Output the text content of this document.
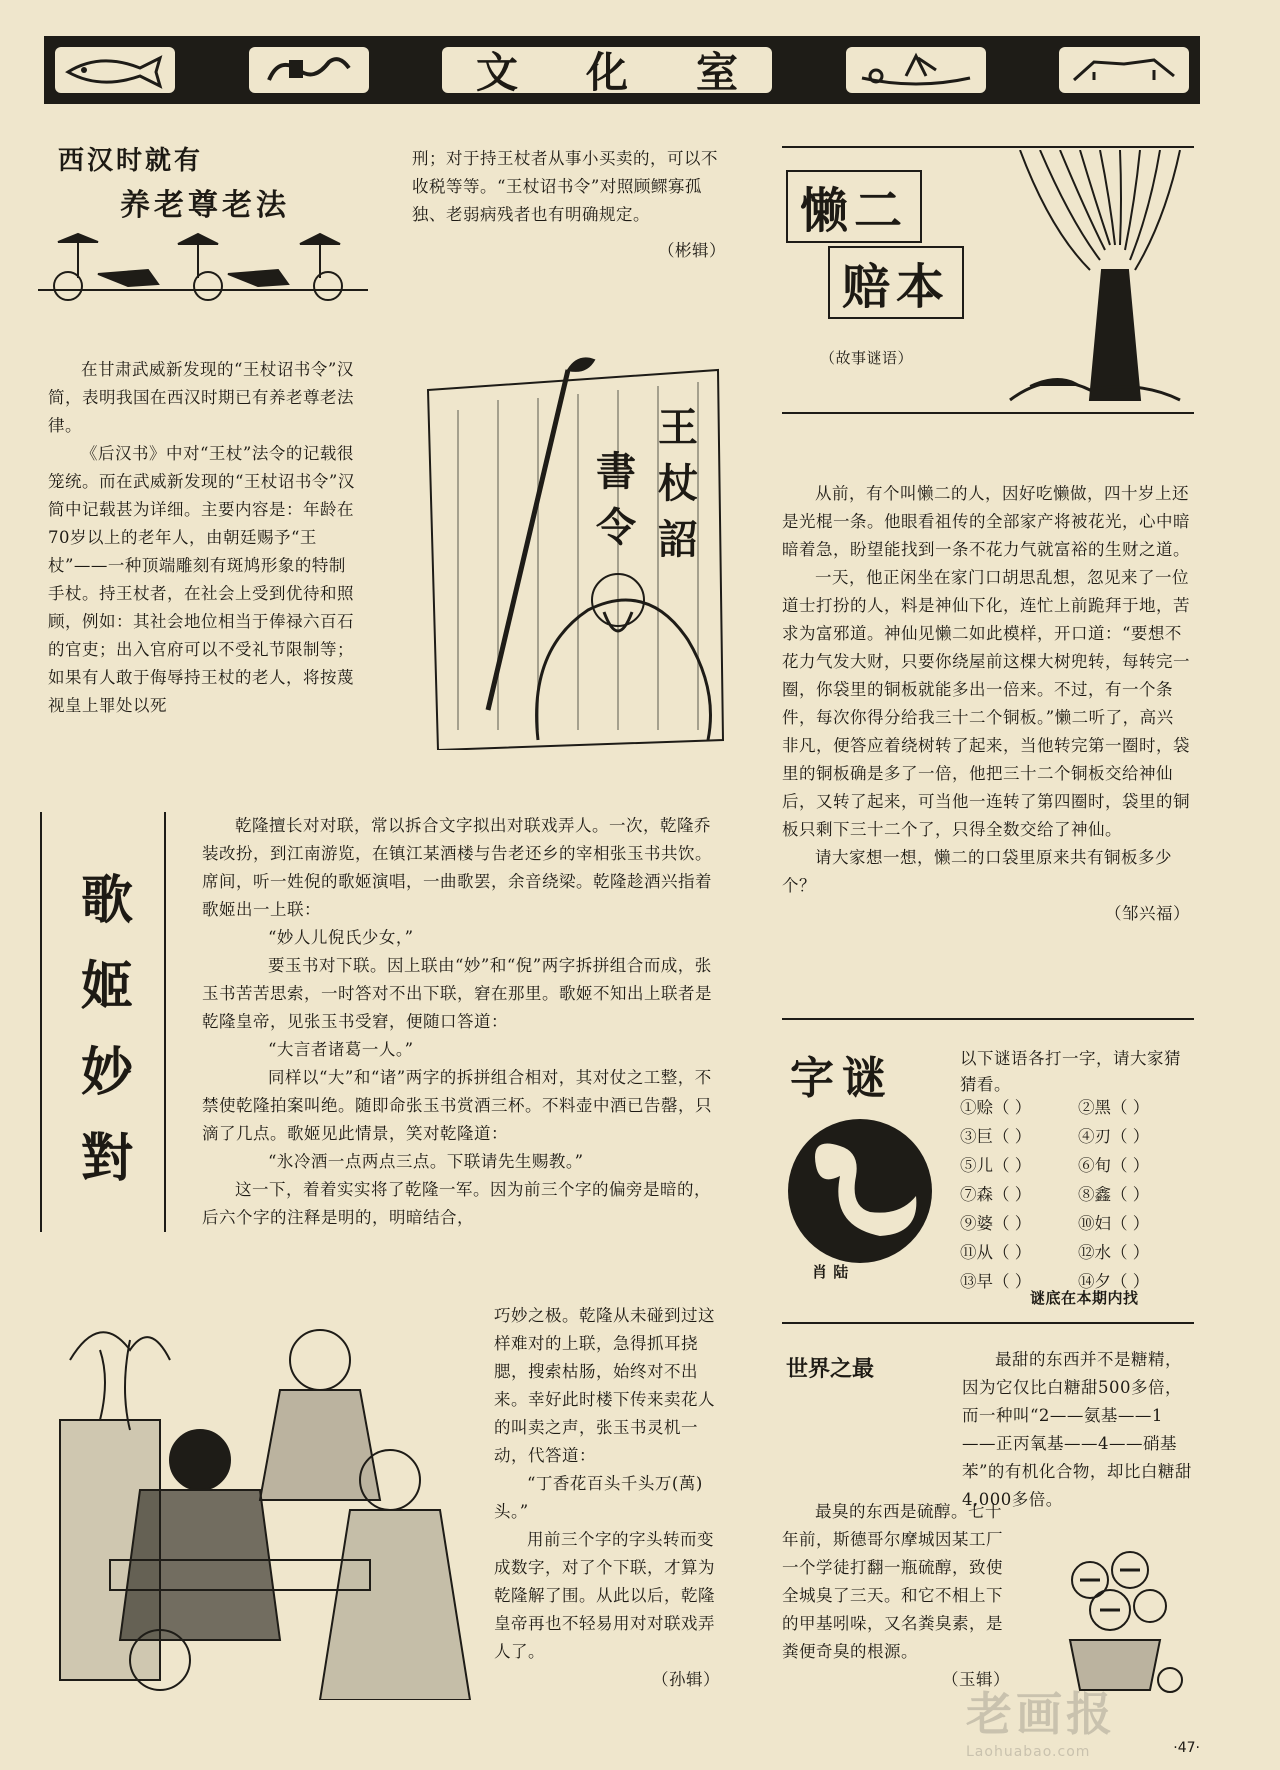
文 化 室
西汉时就有
养老尊老法

在甘肃武威新发现的“王杖诏书令”汉简，表明我国在西汉时期已有养老尊老法律。

《后汉书》中对“王杖”法令的记载很笼统。而在武威新发现的“王杖诏书令”汉简中记载甚为详细。主要内容是：年龄在70岁以上的老年人，由朝廷赐予“王杖”——一种顶端雕刻有斑鸠形象的特制手杖。持王杖者，在社会上受到优待和照顾，例如：其社会地位相当于俸禄六百石的官吏；出入官府可以不受礼节限制等；如果有人敢于侮辱持王杖的老人，将按蔑视皇上罪处以死

刑；对于持王杖者从事小买卖的，可以不收税等等。“王杖诏书令”对照顾鳏寡孤独、老弱病残者也有明确规定。

（彬辑）

王
杖
詔
書
令
歌
姬
妙
對

乾隆擅长对对联，常以拆合文字拟出对联戏弄人。一次，乾隆乔装改扮，到江南游览，在镇江某酒楼与告老还乡的宰相张玉书共饮。席间，听一姓倪的歌姬演唱，一曲歌罢，余音绕梁。乾隆趁酒兴指着歌姬出一上联：

“妙人儿倪氏少女，”

要玉书对下联。因上联由“妙”和“倪”两字拆拼组合而成，张玉书苦苦思索，一时答对不出下联，窘在那里。歌姬不知出上联者是乾隆皇帝，见张玉书受窘，便随口答道：

“大言者诸葛一人。”

同样以“大”和“诸”两字的拆拼组合相对，其对仗之工整，不禁使乾隆拍案叫绝。随即命张玉书赏酒三杯。不料壶中酒已告罄，只滴了几点。歌姬见此情景，笑对乾隆道：

“氷冷酒一点两点三点。下联请先生赐教。”

这一下，着着实实将了乾隆一军。因为前三个字的偏旁是暗的，后六个字的注释是明的，明暗结合，

巧妙之极。乾隆从未碰到过这样难对的上联，急得抓耳挠腮，搜索枯肠，始终对不出来。幸好此时楼下传来卖花人的叫卖之声，张玉书灵机一动，代答道：

“丁香花百头千头万(萬)头。”

用前三个字的字头转而变成数字，对了个下联，才算为乾隆解了围。从此以后，乾隆皇帝再也不轻易用对对联戏弄人了。

（孙辑）

懒二
赔本
（故事谜语）

从前，有个叫懒二的人，因好吃懒做，四十岁上还是光棍一条。他眼看祖传的全部家产将被花光，心中暗暗着急，盼望能找到一条不花力气就富裕的生财之道。

一天，他正闲坐在家门口胡思乱想，忽见来了一位道士打扮的人，料是神仙下化，连忙上前跪拜于地，苦求为富邪道。神仙见懒二如此模样，开口道：“要想不花力气发大财，只要你绕屋前这棵大树兜转，每转完一圈，你袋里的铜板就能多出一倍来。不过，有一个条件，每次你得分给我三十二个铜板。”懒二听了，高兴非凡，便答应着绕树转了起来，当他转完第一圈时，袋里的铜板确是多了一倍，他把三十二个铜板交给神仙后，又转了起来，可当他一连转了第四圈时，袋里的铜板只剩下三十二个了，只得全数交给了神仙。

请大家想一想，懒二的口袋里原来共有铜板多少个？

（邹兴福）

字谜	以下谜语各打一字，请大家猜猜看。
肖 陆
①赊（ ）	②黑（ ）
③巨（ ）	④刃（ ）
⑤儿（ ）	⑥旬（ ）
⑦森（ ）	⑧鑫（ ）
⑨婆（ ）	⑩妇（ ）
⑪从（ ）	⑫水（ ）
⑬早（ ）	⑭夕（ ）
谜底在本期内找
世界之最	最甜的东西并不是糖精，因为它仅比白糖甜500多倍，而一种叫“2——氨基——1——正丙氧基——4——硝基苯”的有机化合物，却比白糖甜4,000多倍。

最臭的东西是硫醇。七十年前，斯德哥尔摩城因某工厂一个学徒打翻一瓶硫醇，致使全城臭了三天。和它不相上下的甲基吲哚，又名粪臭素，是粪便奇臭的根源。

（玉辑）

老画报
Laohuabao.com	·47·
